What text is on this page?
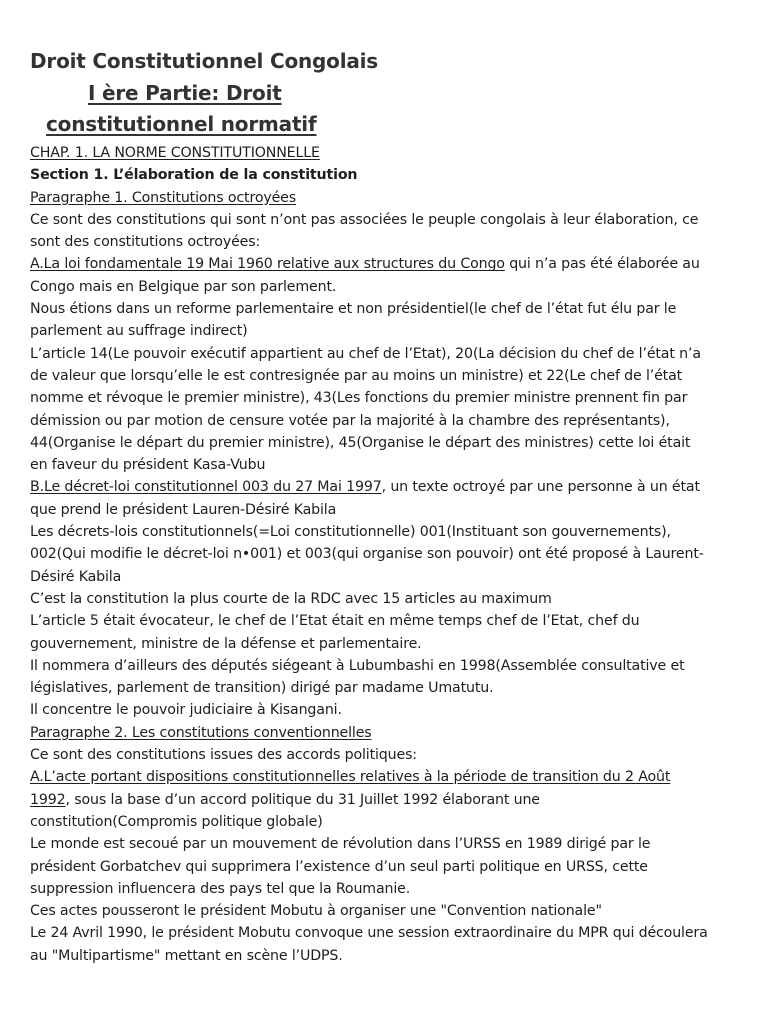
Droit Constitutionnel Congolais
I ère Partie: Droit
constitutionnel normatif

CHAP. 1. LA NORME CONSTITUTIONNELLE

Section 1. L’élaboration de la constitution

Paragraphe 1. Constitutions octroyées

Ce sont des constitutions qui sont n’ont pas associées le peuple congolais à leur élaboration, ce

sont des constitutions octroyées:

A.La loi fondamentale 19 Mai 1960 relative aux structures du Congo qui n’a pas été élaborée au

Congo mais en Belgique par son parlement.

Nous étions dans un reforme parlementaire et non présidentiel(le chef de l’état fut élu par le

parlement au suffrage indirect)

L’article 14(Le pouvoir exécutif appartient au chef de l’Etat), 20(La décision du chef de l’état n’a

de valeur que lorsqu’elle le est contresignée par au moins un ministre) et 22(Le chef de l’état

nomme et révoque le premier ministre), 43(Les fonctions du premier ministre prennent fin par

démission ou par motion de censure votée par la majorité à la chambre des représentants),

44(Organise le départ du premier ministre), 45(Organise le départ des ministres) cette loi était

en faveur du président Kasa-Vubu

B.Le décret-loi constitutionnel 003 du 27 Mai 1997, un texte octroyé par une personne à un état

que prend le président Lauren-Désiré Kabila

Les décrets-lois constitutionnels(=Loi constitutionnelle) 001(Instituant son gouvernements),

002(Qui modifie le décret-loi n•001) et 003(qui organise son pouvoir) ont été proposé à Laurent-

Désiré Kabila

C’est la constitution la plus courte de la RDC avec 15 articles au maximum

L’article 5 était évocateur, le chef de l’Etat était en même temps chef de l’Etat, chef du

gouvernement, ministre de la défense et parlementaire.

Il nommera d’ailleurs des députés siégeant à Lubumbashi en 1998(Assemblée consultative et

législatives, parlement de transition) dirigé par madame Umatutu.

Il concentre le pouvoir judiciaire à Kisangani.

Paragraphe 2. Les constitutions conventionnelles

Ce sont des constitutions issues des accords politiques:

A.L’acte portant dispositions constitutionnelles relatives à la période de transition du 2 Août

1992, sous la base d’un accord politique du 31 Juillet 1992 élaborant une

constitution(Compromis politique globale)

Le monde est secoué par un mouvement de révolution dans l’URSS en 1989 dirigé par le

président Gorbatchev qui supprimera l’existence d’un seul parti politique en URSS, cette

suppression influencera des pays tel que la Roumanie.

Ces actes pousseront le président Mobutu à organiser une "Convention nationale"

Le 24 Avril 1990, le président Mobutu convoque une session extraordinaire du MPR qui découlera

au "Multipartisme" mettant en scène l’UDPS.
